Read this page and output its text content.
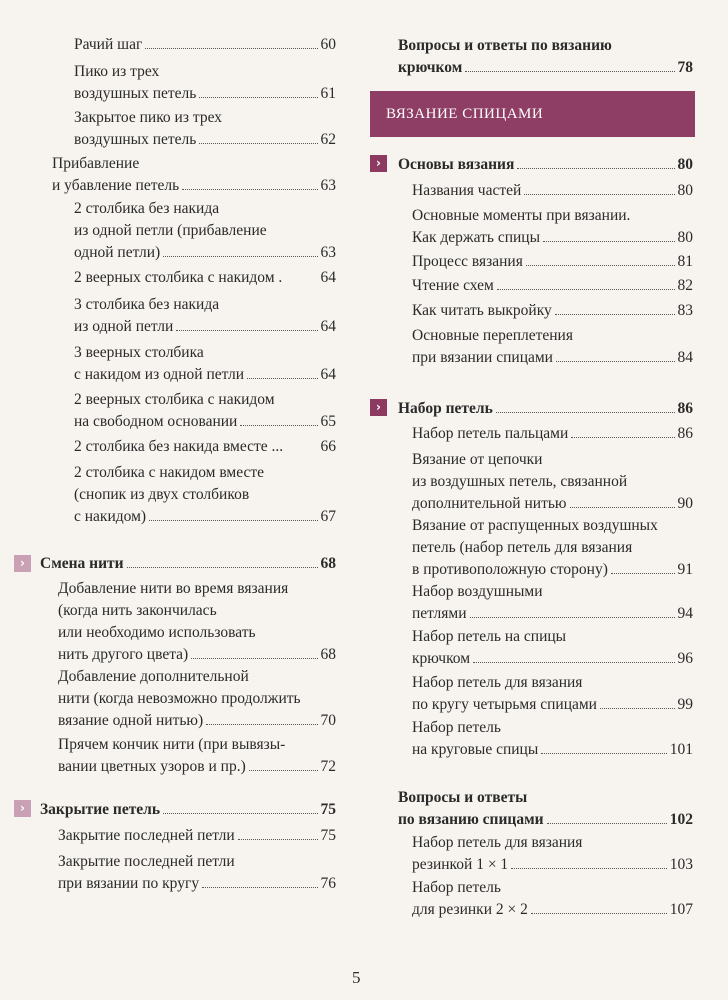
Рачий шаг	60
Пико из трех
воздушных петель	61
Закрытое пико из трех
воздушных петель	62
Прибавление
и убавление петель	63
2 столбика без накида
из одной петли (прибавление
одной петли)	63
2 веерных столбика с накидом . 64
3 столбика без накида
из одной петли	64
3 веерных столбика
с накидом из одной петли	64
2 веерных столбика с накидом
на свободном основании	65
2 столбика без накида вместе ... 66
2 столбика с накидом вместе
(снопик из двух столбиков
с накидом)	67
› Смена нити	68
Добавление нити во время вязания
(когда нить закончилась
или необходимо использовать
нить другого цвета)	68
Добавление дополнительной
нити (когда невозможно продолжить
вязание одной нитью)	70
Прячем кончик нити (при вывязы-
вании цветных узоров и пр.)	72
› Закрытие петель	75
Закрытие последней петли	75
Закрытие последней петли
при вязании по кругу	76
Вопросы и ответы по вязанию
крючком	78
ВЯЗАНИЕ СПИЦАМИ
›	Основы вязания	80
Названия частей	80
Основные моменты при вязании.
Как держать спицы	80
Процесс вязания	81
Чтение схем	82
Как читать выкройку	83
Основные переплетения
при вязании спицами	84
›	Набор петель	86
Набор петель пальцами	86
Вязание от цепочки
из воздушных петель, связанной
дополнительной нитью	90
Вязание от распущенных воздушных
петель (набор петель для вязания
в противоположную сторону)	91
Набор воздушными
петлями	94
Набор петель на спицы
крючком	96
Набор петель для вязания
по кругу четырьмя спицами	99
Набор петель
на круговые спицы	101
Вопросы и ответы
по вязанию спицами	102
Набор петель для вязания
резинкой 1 × 1	103
Набор петель
для резинки 2 × 2	107
5
